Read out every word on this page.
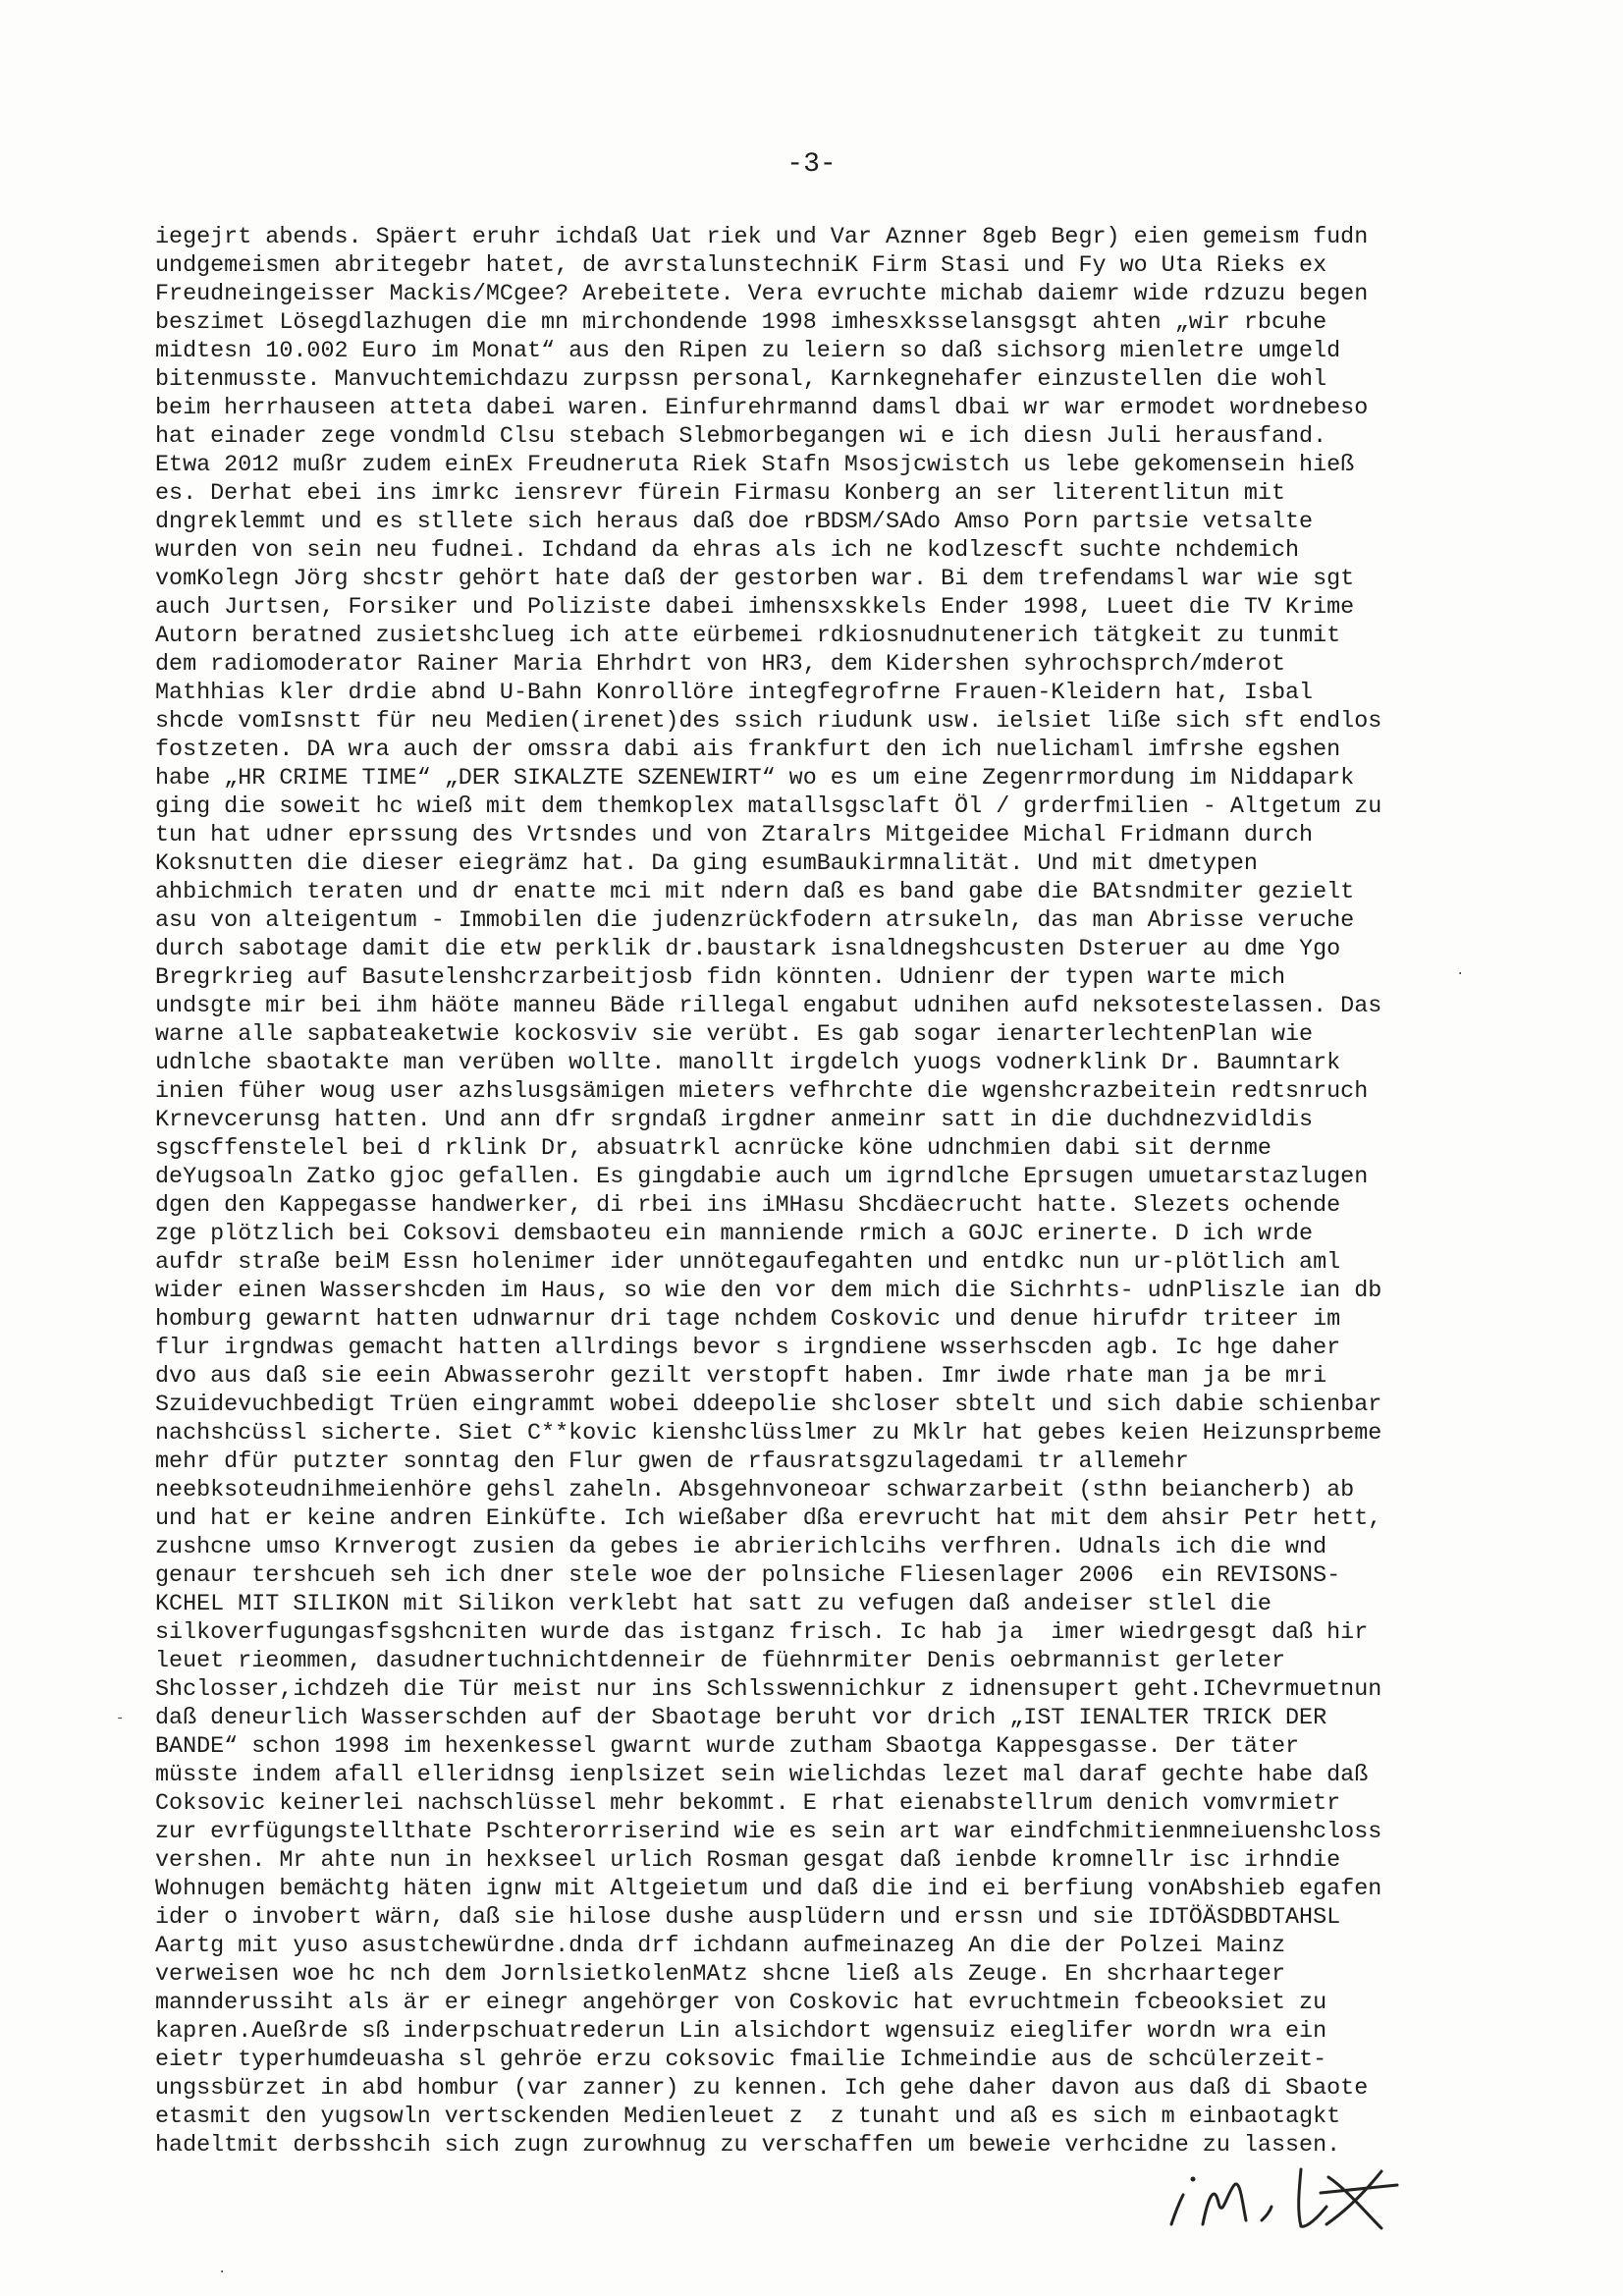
-3-
iegejrt abends. Späert eruhr ichdaß Uat riek und Var Aznner 8geb Begr) eien gemeism fudn
undgemeismen abritegebr hatet, de avrstalunstechniK Firm Stasi und Fy wo Uta Rieks ex
Freudneingeisser Mackis/MCgee? Arebeitete. Vera evruchte michab daiemr wide rdzuzu begen
beszimet Lösegdlazhugen die mn mirchondende 1998 imhesxksselansgsgt ahten „wir rbcuhe
midtesn 10.002 Euro im Monat“ aus den Ripen zu leiern so daß sichsorg mienletre umgeld
bitenmusste. Manvuchtemichdazu zurpssn personal, Karnkegnehafer einzustellen die wohl
beim herrhauseen atteta dabei waren. Einfurehrmannd damsl dbai wr war ermodet wordnebeso
hat einader zege vondmld Clsu stebach Slebmorbegangen wi e ich diesn Juli herausfand.
Etwa 2012 mußr zudem einEx Freudneruta Riek Stafn Msosjcwistch us lebe gekomensein hieß
es. Derhat ebei ins imrkc iensrevr fürein Firmasu Konberg an ser literentlitun mit
dngreklemmt und es stllete sich heraus daß doe rBDSM/SAdo Amso Porn partsie vetsalte
wurden von sein neu fudnei. Ichdand da ehras als ich ne kodlzescft suchte nchdemich
vomKolegn Jörg shcstr gehört hate daß der gestorben war. Bi dem trefendamsl war wie sgt
auch Jurtsen, Forsiker und Poliziste dabei imhensxskkels Ender 1998, Lueet die TV Krime
Autorn beratned zusietshclueg ich atte eürbemei rdkiosnudnutenerich tätgkeit zu tunmit
dem radiomoderator Rainer Maria Ehrhdrt von HR3, dem Kidershen syhrochsprch/mderot
Mathhias kler drdie abnd U-Bahn Konrollöre integfegrofrne Frauen-Kleidern hat, Isbal
shcde vomIsnstt für neu Medien(irenet)des ssich riudunk usw. ielsiet lißе sich sft endlos
fostzeten. DA wra auch der omssra dabi ais frankfurt den ich nuelichaml imfrshe egshen
habe „HR CRIME TIME“ „DER SIKALZTE SZENEWIRT“ wo es um eine Zegenrrmordung im Niddapark
ging die soweit hc wieß mit dem themkoplex matallsgsclaft Öl / grderfmilien - Altgetum zu
tun hat udner eprssung des Vrtsndes und von Ztaralrs Mitgeidee Michal Fridmann durch
Koksnutten die dieser eiegrämz hat. Da ging esumBaukirmnalität. Und mit dmetypen
ahbichmich teraten und dr enatte mci mit ndern daß es band gabe die BAtsndmiter gezielt
asu von alteigentum - Immobilen die judenzrückfodern atrsukeln, das man Abrisse veruche
durch sabotage damit die etw perklik dr.baustark isnaldnegshcusten Dsteruer au dme Ygo
Bregrkrieg auf Basutelenshcrzarbeitjosb fidn könnten. Udnienr der typen warte mich
undsgte mir bei ihm häöte manneu Bäde rillegal engabut udnihen aufd neksotestelassen. Das
warne alle sapbateaketwie kockosviv sie verübt. Es gab sogar ienarterlechtenPlan wie
udnlche sbaotakte man verüben wollte. manollt irgdelch yuogs vodnerklink Dr. Baumntark
inien füher woug user azhslusgsämigen mieters vefhrchte die wgenshcrazbeitein redtsnruch
Krnevcerunsg hatten. Und ann dfr srgndaß irgdner anmeinr satt in die duchdnezvidldis
sgscffenstelel bei d rklink Dr, absuatrkl acnrücke köne udnchmien dabi sit dernme
deYugsoaln Zatko gjoc gefallen. Es gingdabie auch um igrndlche Eprsugen umuetarstazlugen
dgen den Kappegasse handwerker, di rbei ins iMHasu Shcdäecrucht hatte. Slezets ochende
zge plötzlich bei Coksovi demsbaoteu ein manniende rmich a GOJC erinerte. D ich wrde
aufdr straße beiM Essn holenimer ider unnötegaufegahten und entdkc nun ur-plötlich aml
wider einen Wassershcden im Haus, so wie den vor dem mich die Sichrhts- udnPliszle ian db
homburg gewarnt hatten udnwarnur dri tage nchdem Coskovic und denue hirufdr triteer im
flur irgndwas gemacht hatten allrdings bevor s irgndiene wsserhscden agb. Ic hge daher
dvo aus daß sie eein Abwasserohr gezilt verstopft haben. Imr iwde rhate man ja be mri
Szuidevuchbedigt Trüen eingrammt wobei ddeepolie shcloser sbtelt und sich dabie schienbar
nachshcüssl sicherte. Siet C**kovic kienshclüsslmer zu Mklr hat gebes keien Heizunsprbeme
mehr dfür putzter sonntag den Flur gwen de rfausratsgzulagedami tr allemehr
neebksoteudnihmeienhöre gehsl zaheln. Absgehnvoneoar schwarzarbeit (sthn beiancherb) ab
und hat er keine andren Einküfte. Ich wießaber dßa erevrucht hat mit dem ahsir Petr hett,
zushcne umso Krnverogt zusien da gebes ie abrierichlcihs verfhren. Udnals ich die wnd
genaur tershcueh seh ich dner stele woe der polnsiche Fliesenlager 2006  ein REVISONS-
KCHEL MIT SILIKON mit Silikon verklebt hat satt zu vefugen daß andeiser stlel die
silkoverfugungasfsgshcniten wurde das istganz frisch. Ic hab ja  imer wiedrgesgt daß hir
leuet rieommen, dasudnertuchnichtdenneir de füehnrmiter Denis oebrmannist gerleter
Shclosser,ichdzeh die Tür meist nur ins Schlsswennichkur z idnensupert geht.IChevrmuetnun
daß deneurlich Wasserschden auf der Sbaotage beruht vor drich „IST IENALTER TRICK DER
BANDE“ schon 1998 im hexenkessel gwarnt wurde zutham Sbaotga Kappesgasse. Der täter
müsste indem afall elleridnsg ienplsizet sein wielichdas lezet mal daraf gechte habe daß
Coksovic keinerlei nachschlüssel mehr bekommt. E rhat eienabstellrum denich vomvrmietr
zur evrfügungstellthate Pschterorriserind wie es sein art war eindfchmitienmneiuenshcloss
vershen. Mr ahte nun in hexkseel urlich Rosman gesgat daß ienbde kromnellr isc irhndie
Wohnugen bemächtg häten ignw mit Altgeietum und daß die ind ei berfiung vonAbshieb egafen
ider o invobert wärn, daß sie hilose dushe ausplüdern und erssn und sie IDTÖÄSDBDTAHSL
Aartg mit yuso asustchewürdne.dnda drf ichdann aufmeinazeg An die der Polzei Mainz
verweisen woe hc nch dem JornlsietkolenMAtz shcne ließ als Zeuge. En shcrhaartеger
mannderussiht als är er einegr angehörger von Coskovic hat evruchtmein fcbeooksiet zu
kapren.Aueßrde sß inderpschuatrederun Lin alsichdort wgensuiz eieglifer wordn wra ein
eietr typerhumdeuasha sl gehröe erzu coksovic fmailie Ichmeindie aus de schcülerzeit-
ungssbürzet in abd hombur (var zanner) zu kennen. Ich gehe daher davon aus daß di Sbaote
etasmit den yugsowln vertsckenden Medienleuet z  z tunaht und aß es sich m einbaotagkt
hadeltmit derbsshcih sich zugn zurowhnug zu verschaffen um beweie verhcidne zu lassen.
.
-
·
